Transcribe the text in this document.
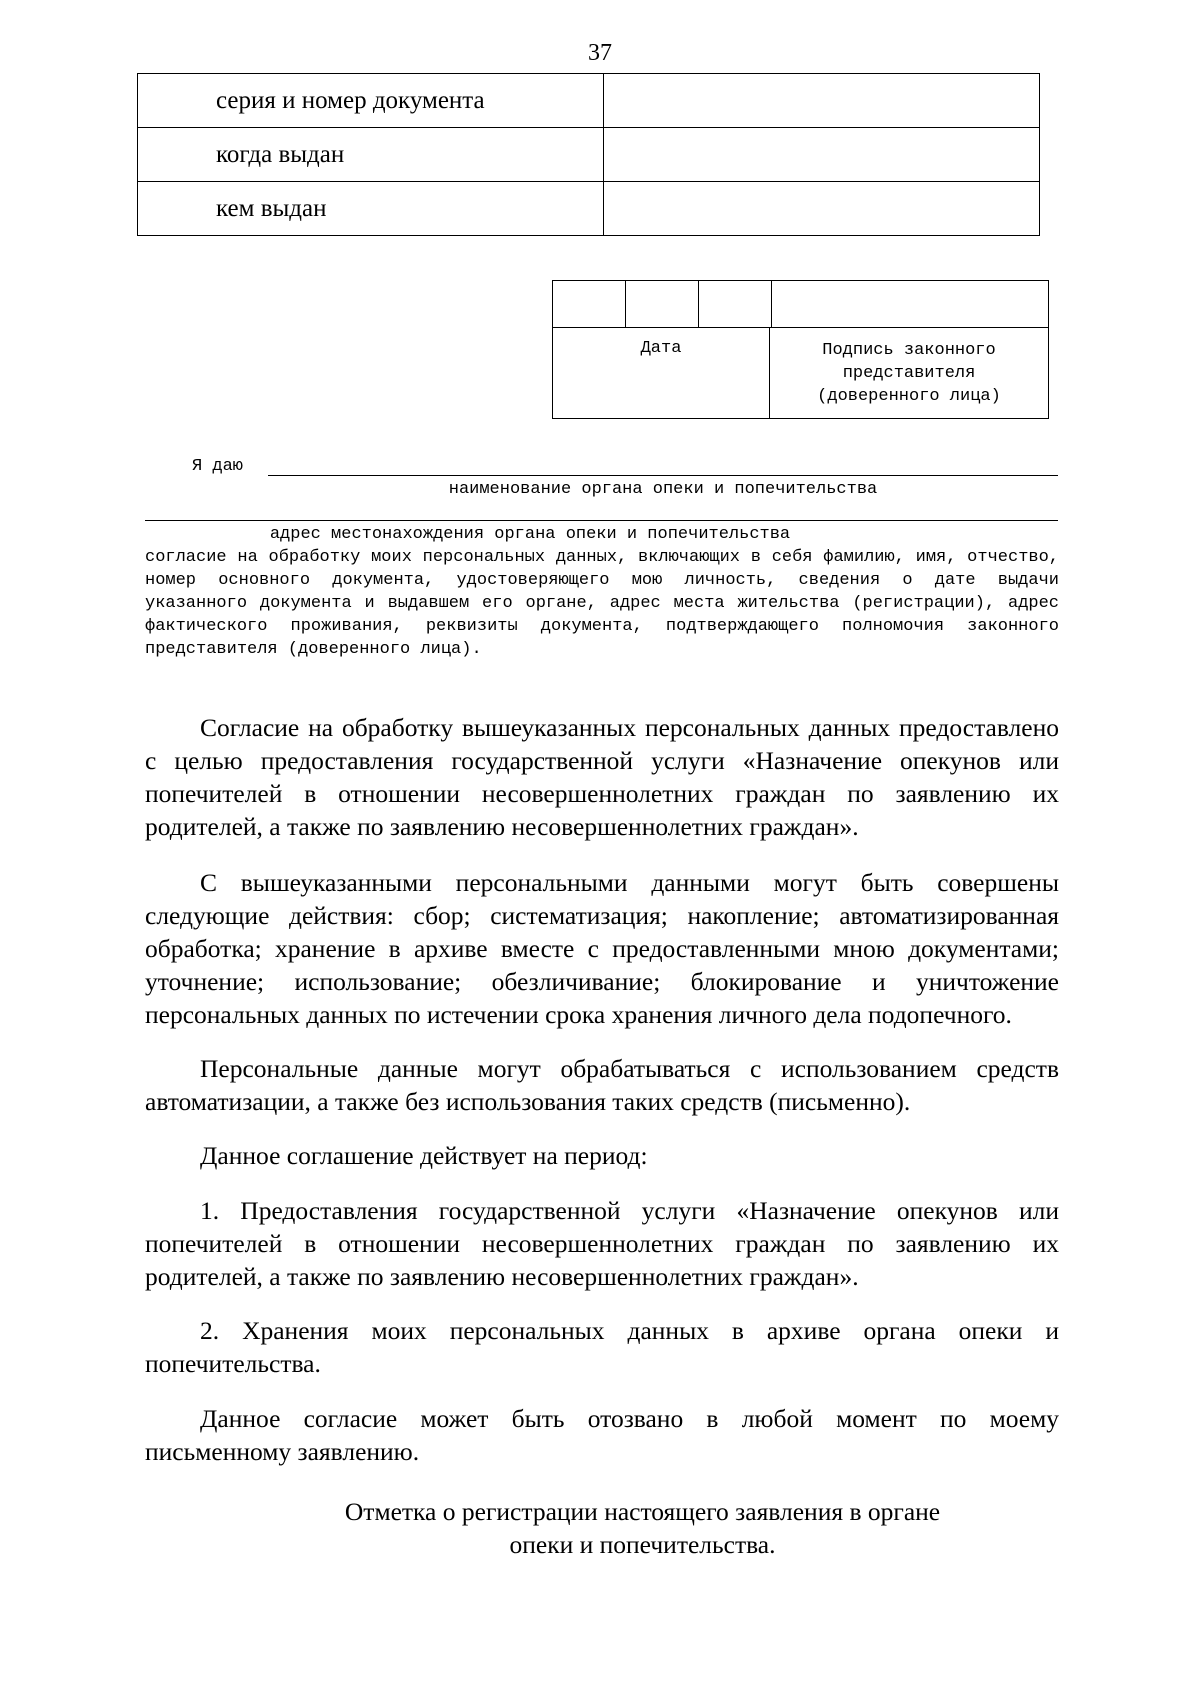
37
серия и номер документа	
когда выдан	
кем выдан	
Дата	Подпись законного
представителя
(доверенного лица)
Я даю
наименование органа опеки и попечительства
адрес местонахождения органа опеки и попечительства
согласие на обработку моих персональных данных, включающих в себя фамилию, имя, отчество, номер основного документа, удостоверяющего мою личность, сведения о дате выдачи указанного документа и выдавшем его органе, адрес места жительства (регистрации), адрес фактического проживания, реквизиты документа, подтверждающего полномочия законного представителя (доверенного лица).

Согласие на обработку вышеуказанных персональных данных предоставлено с целью предоставления государственной услуги «Назначение опекунов или попечителей в отношении несовершеннолетних граждан по заявлению их родителей, а также по заявлению несовершеннолетних граждан».

С вышеуказанными персональными данными могут быть совершены следующие действия: сбор; систематизация; накопление; автоматизированная обработка; хранение в архиве вместе с предоставленными мною документами; уточнение; использование; обезличивание; блокирование и уничтожение персональных данных по истечении срока хранения личного дела подопечного.

Персональные данные могут обрабатываться с использованием средств автоматизации, а также без использования таких средств (письменно).

Данное соглашение действует на период:

1. Предоставления государственной услуги «Назначение опекунов или попечителей в отношении несовершеннолетних граждан по заявлению их родителей, а также по заявлению несовершеннолетних граждан».

2. Хранения моих персональных данных в архиве органа опеки и попечительства.

Данное согласие может быть отозвано в любой момент по моему письменному заявлению.

Отметка о регистрации настоящего заявления в органе
опеки и попечительства.
